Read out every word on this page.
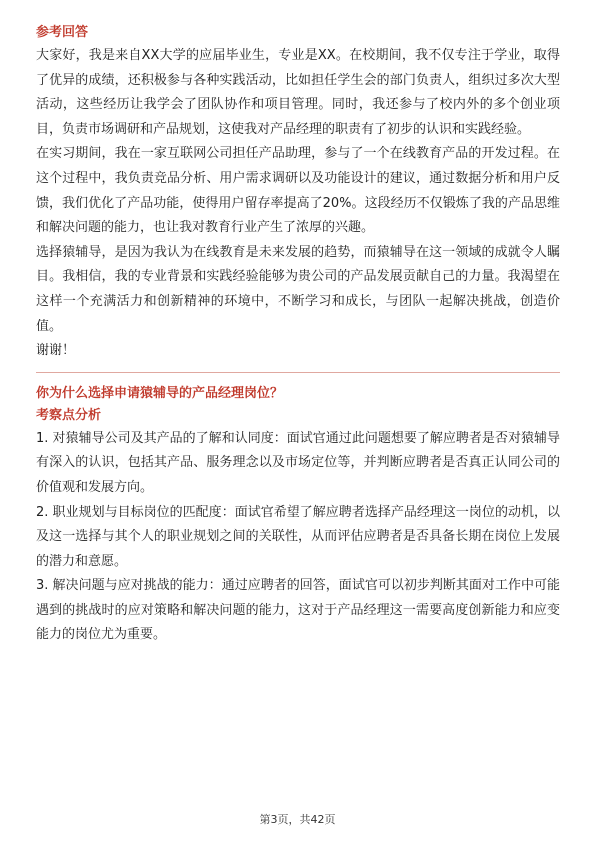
参考回答

大家好，我是来自XX大学的应届毕业生，专业是XX。在校期间，我不仅专注于学业，取得了优异的成绩，还积极参与各种实践活动，比如担任学生会的部门负责人，组织过多次大型活动，这些经历让我学会了团队协作和项目管理。同时，我还参与了校内外的多个创业项目，负责市场调研和产品规划，这使我对产品经理的职责有了初步的认识和实践经验。

在实习期间，我在一家互联网公司担任产品助理，参与了一个在线教育产品的开发过程。在这个过程中，我负责竞品分析、用户需求调研以及功能设计的建议，通过数据分析和用户反馈，我们优化了产品功能，使得用户留存率提高了20%。这段经历不仅锻炼了我的产品思维和解决问题的能力，也让我对教育行业产生了浓厚的兴趣。

选择猿辅导，是因为我认为在线教育是未来发展的趋势，而猿辅导在这一领域的成就令人瞩目。我相信，我的专业背景和实践经验能够为贵公司的产品发展贡献自己的力量。我渴望在这样一个充满活力和创新精神的环境中，不断学习和成长，与团队一起解决挑战，创造价值。

谢谢！

你为什么选择申请猿辅导的产品经理岗位？

考察点分析

1. 对猿辅导公司及其产品的了解和认同度：面试官通过此问题想要了解应聘者是否对猿辅导有深入的认识，包括其产品、服务理念以及市场定位等，并判断应聘者是否真正认同公司的价值观和发展方向。

2. 职业规划与目标岗位的匹配度：面试官希望了解应聘者选择产品经理这一岗位的动机，以及这一选择与其个人的职业规划之间的关联性，从而评估应聘者是否具备长期在岗位上发展的潜力和意愿。

3. 解决问题与应对挑战的能力：通过应聘者的回答，面试官可以初步判断其面对工作中可能遇到的挑战时的应对策略和解决问题的能力，这对于产品经理这一需要高度创新能力和应变能力的岗位尤为重要。

第3页，共42页
